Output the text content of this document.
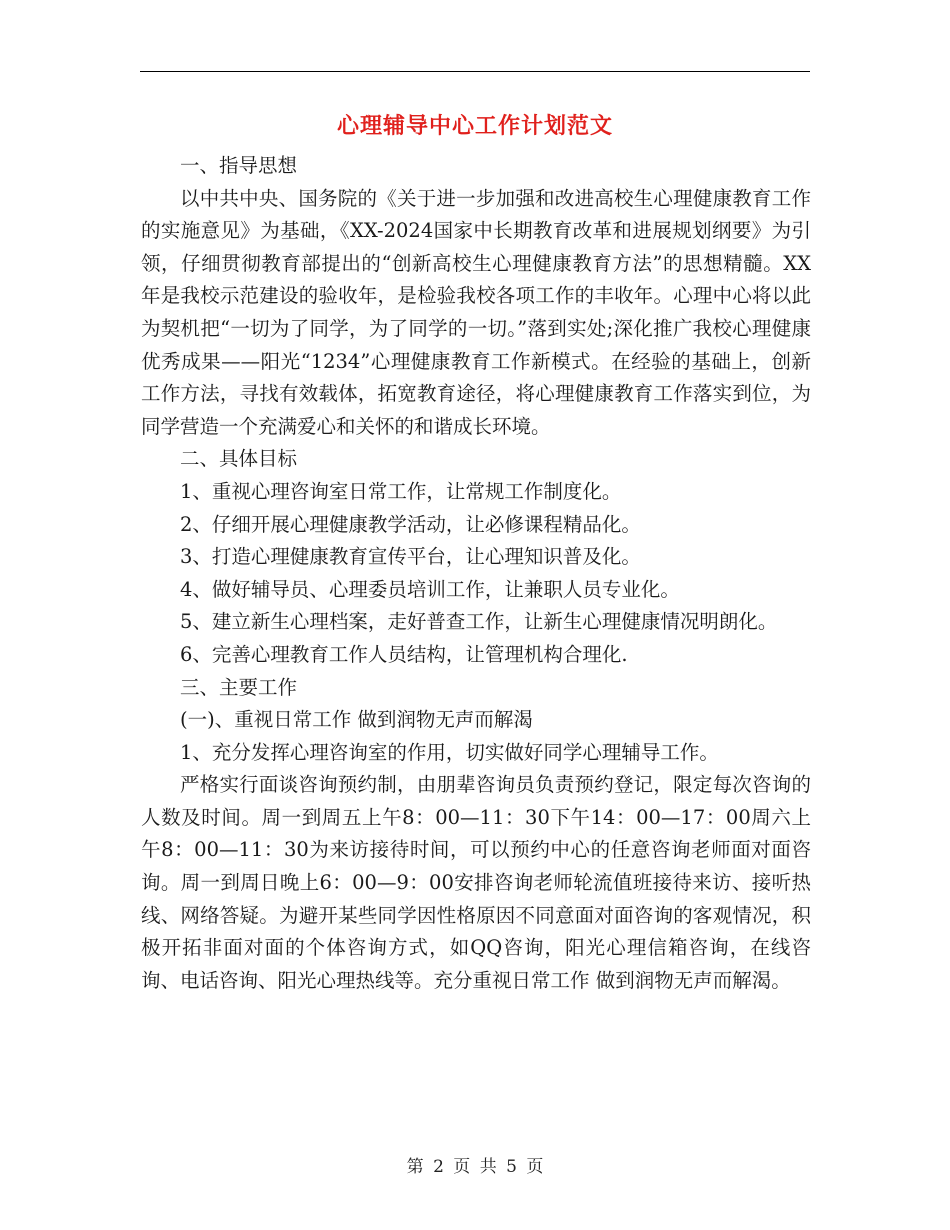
心理辅导中心工作计划范文

一、指导思想

以中共中央、国务院的《关于进一步加强和改进高校生心理健康教育工作的实施意见》为基础，《XX-2024国家中长期教育改革和进展规划纲要》为引领，仔细贯彻教育部提出的“创新高校生心理健康教育方法”的思想精髓。XX年是我校示范建设的验收年，是检验我校各项工作的丰收年。心理中心将以此为契机把“一切为了同学，为了同学的一切。”落到实处;深化推广我校心理健康优秀成果——阳光“1234”心理健康教育工作新模式。在经验的基础上，创新工作方法，寻找有效载体，拓宽教育途径，将心理健康教育工作落实到位，为同学营造一个充满爱心和关怀的和谐成长环境。

二、具体目标

1、重视心理咨询室日常工作，让常规工作制度化。

2、仔细开展心理健康教学活动，让必修课程精品化。

3、打造心理健康教育宣传平台，让心理知识普及化。

4、做好辅导员、心理委员培训工作，让兼职人员专业化。

5、建立新生心理档案，走好普查工作，让新生心理健康情况明朗化。

6、完善心理教育工作人员结构，让管理机构合理化.

三、主要工作

(一)、重视日常工作 做到润物无声而解渴

1、充分发挥心理咨询室的作用，切实做好同学心理辅导工作。

严格实行面谈咨询预约制，由朋辈咨询员负责预约登记，限定每次咨询的人数及时间。周一到周五上午8：00—11：30下午14：00—17：00周六上午8：00—11：30为来访接待时间，可以预约中心的任意咨询老师面对面咨询。周一到周日晚上6：00—9：00安排咨询老师轮流值班接待来访、接听热线、网络答疑。为避开某些同学因性格原因不同意面对面咨询的客观情况，积极开拓非面对面的个体咨询方式，如QQ咨询，阳光心理信箱咨询，在线咨询、电话咨询、阳光心理热线等。充分重视日常工作 做到润物无声而解渴。

第 2 页 共 5 页
